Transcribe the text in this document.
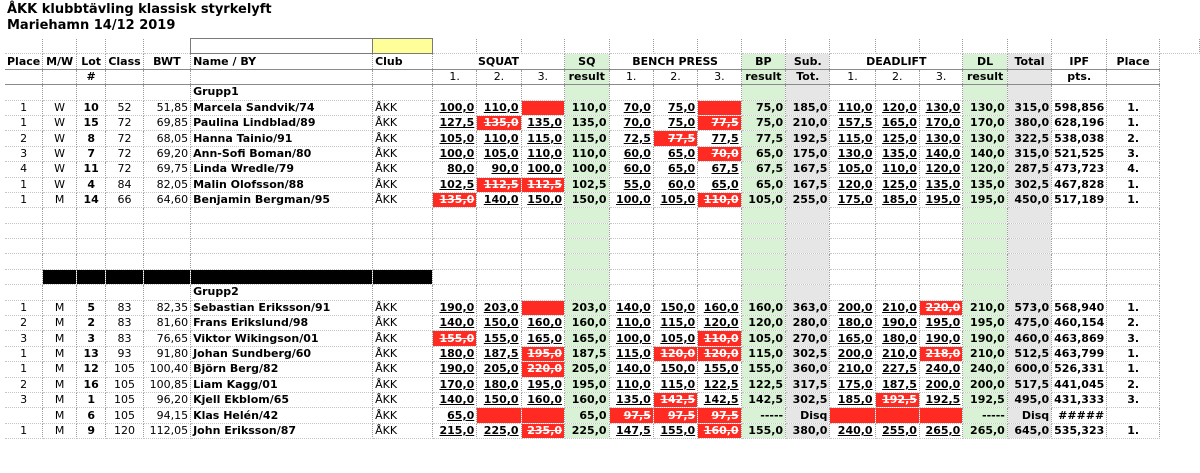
ÅKK klubbtävling klassisk styrkelyft
Mariehamn 14/12 2019

Place	M/W	Lot	Class	BWT	Name / BY	Club	SQUAT			SQ	BENCH PRESS			BP	Sub.	DEADLIFT			DL	Total	IPF	Place	
		#					1.	2.	3.	result	1.	2.	3.	result	Tot.	1.	2.	3.	result		pts.		
					Grupp1																		
1	W	10	52	51,85	Marcela Sandvik/74	ÅKK	100,0	110,0		110,0	70,0	75,0		75,0	185,0	110,0	120,0	130,0	130,0	315,0	598,856	1.	
1	W	15	72	69,85	Paulina Lindblad/89	ÅKK	127,5	135,0	135,0	135,0	70,0	75,0	77,5	75,0	210,0	157,5	165,0	170,0	170,0	380,0	628,196	1.	
2	W	8	72	68,05	Hanna Tainio/91	ÅKK	105,0	110,0	115,0	115,0	72,5	77,5	77,5	77,5	192,5	115,0	125,0	130,0	130,0	322,5	538,038	2.	
3	W	7	72	69,20	Ann-Sofi Boman/80	ÅKK	100,0	105,0	110,0	110,0	60,0	65,0	70,0	65,0	175,0	130,0	135,0	140,0	140,0	315,0	521,525	3.	
4	W	11	72	69,75	Linda Wredle/79	ÅKK	80,0	90,0	100,0	100,0	60,0	65,0	67,5	67,5	167,5	105,0	110,0	120,0	120,0	287,5	473,723	4.	
1	W	4	84	82,05	Malin Olofsson/88	ÅKK	102,5	112,5	112,5	102,5	55,0	60,0	65,0	65,0	167,5	120,0	125,0	135,0	135,0	302,5	467,828	1.	
1	M	14	66	64,60	Benjamin Bergman/95	ÅKK	135,0	140,0	150,0	150,0	100,0	105,0	110,0	105,0	255,0	175,0	185,0	195,0	195,0	450,0	517,189	1.	

					Grupp2																		
1	M	5	83	82,35	Sebastian Eriksson/91	ÅKK	190,0	203,0		203,0	140,0	150,0	160,0	160,0	363,0	200,0	210,0	220,0	210,0	573,0	568,940	1.	
2	M	2	83	81,60	Frans Erikslund/98	ÅKK	140,0	150,0	160,0	160,0	110,0	115,0	120,0	120,0	280,0	180,0	190,0	195,0	195,0	475,0	460,154	2.	
3	M	3	83	76,65	Viktor Wikingson/01	ÅKK	155,0	155,0	165,0	165,0	100,0	105,0	110,0	105,0	270,0	165,0	180,0	190,0	190,0	460,0	463,869	3.	
1	M	13	93	91,80	Johan Sundberg/60	ÅKK	180,0	187,5	195,0	187,5	115,0	120,0	120,0	115,0	302,5	200,0	210,0	218,0	210,0	512,5	463,799	1.	
1	M	12	105	100,40	Björn Berg/82	ÅKK	190,0	205,0	220,0	205,0	140,0	150,0	155,0	155,0	360,0	210,0	227,5	240,0	240,0	600,0	526,331	1.	
2	M	16	105	100,85	Liam Kagg/01	ÅKK	170,0	180,0	195,0	195,0	110,0	115,0	122,5	122,5	317,5	175,0	187,5	200,0	200,0	517,5	441,045	2.	
3	M	1	105	96,20	Kjell Ekblom/65	ÅKK	140,0	150,0	160,0	160,0	135,0	142,5	142,5	142,5	302,5	185,0	192,5	192,5	192,5	495,0	431,333	3.	
	M	6	105	94,15	Klas Helén/42	ÅKK	65,0			65,0	97,5	97,5	97,5	-----	Disq				-----	Disq	#####		
1	M	9	120	112,05	John Eriksson/87	ÅKK	215,0	225,0	235,0	225,0	147,5	155,0	160,0	155,0	380,0	240,0	255,0	265,0	265,0	645,0	535,323	1.	
